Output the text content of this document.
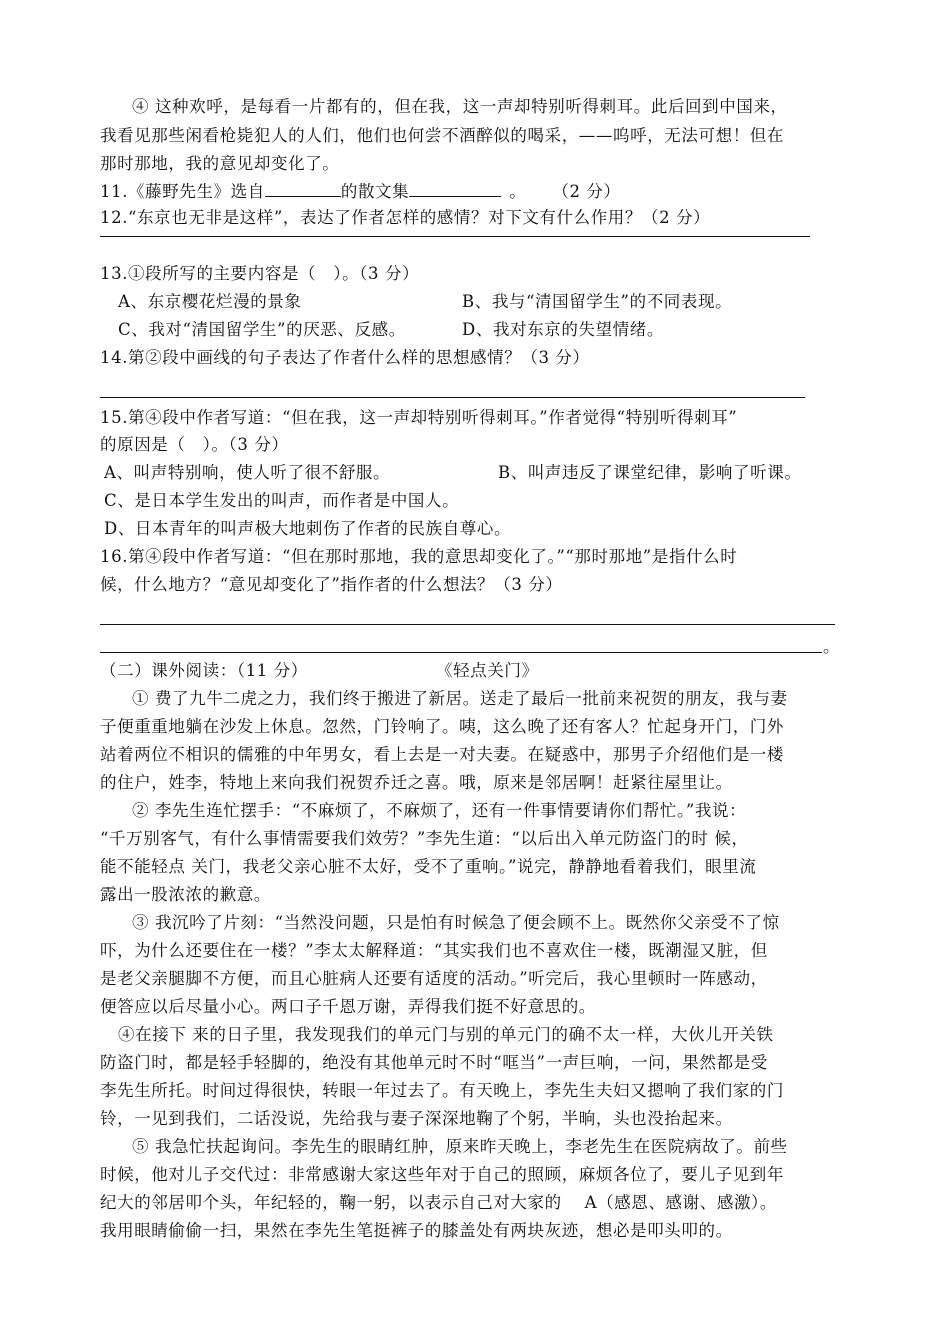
④ 这种欢呼，是每看一片都有的，但在我，这一声却特别听得刺耳。此后回到中国来，
我看见那些闲看枪毙犯人的人们，他们也何尝不酒醉似的喝采，——呜呼，无法可想！但在
那时那地，我的意见却变化了。
11.《藤野先生》选自	的散文集	。 （2 分）
12.“东京也无非是这样”，表达了作者怎样的感情？对下文有什么作用？（2 分）
13.①段所写的主要内容是（　）。（3 分）
A、东京樱花烂漫的景象	B、我与“清国留学生”的不同表现。
C、我对“清国留学生”的厌恶、反感。	D、我对东京的失望情绪。
14.第②段中画线的句子表达了作者什么样的思想感情？（3 分）
15.第④段中作者写道：“但在我，这一声却特别听得刺耳。”作者觉得“特别听得刺耳”
的原因是（　）。（3 分）
A、叫声特别响，使人听了很不舒服。	B、叫声违反了课堂纪律，影响了听课。
C、是日本学生发出的叫声，而作者是中国人。
D、日本青年的叫声极大地刺伤了作者的民族自尊心。
16.第④段中作者写道：“但在那时那地，我的意思却变化了。”“那时那地”是指什么时
候，什么地方？“意见却变化了”指作者的什么想法？（3 分）
。
（二）课外阅读：（11 分）	《轻点关门》
① 费了九牛二虎之力，我们终于搬进了新居。送走了最后一批前来祝贺的朋友，我与妻
子便重重地躺在沙发上休息。忽然，门铃响了。咦，这么晚了还有客人？忙起身开门，门外
站着两位不相识的儒雅的中年男女，看上去是一对夫妻。在疑惑中，那男子介绍他们是一楼
的住户，姓李，特地上来向我们祝贺乔迁之喜。哦，原来是邻居啊！赶紧往屋里让。
② 李先生连忙摆手：“不麻烦了，不麻烦了，还有一件事情要请你们帮忙。”我说：
“千万别客气，有什么事情需要我们效劳？”李先生道：“以后出入单元防盗门的时 候，
能不能轻点 关门，我老父亲心脏不太好，受不了重响。”说完，静静地看着我们，眼里流
露出一股浓浓的歉意。
③ 我沉吟了片刻：“当然没问题，只是怕有时候急了便会顾不上。既然你父亲受不了惊
吓，为什么还要住在一楼？”李太太解释道：“其实我们也不喜欢住一楼，既潮湿又脏，但
是老父亲腿脚不方便，而且心脏病人还要有适度的活动。”听完后，我心里顿时一阵感动，
便答应以后尽量小心。两口子千恩万谢，弄得我们挺不好意思的。
④在接下 来的日子里，我发现我们的单元门与别的单元门的确不太一样，大伙儿开关铁
防盗门时，都是轻手轻脚的，绝没有其他单元时不时“哐当”一声巨响，一问，果然都是受
李先生所托。时间过得很快，转眼一年过去了。有天晚上，李先生夫妇又摁响了我们家的门
铃，一见到我们，二话没说，先给我与妻子深深地鞠了个躬，半晌，头也没抬起来。
⑤ 我急忙扶起询问。李先生的眼睛红肿，原来昨天晚上，李老先生在医院病故了。前些
时候，他对儿子交代过：非常感谢大家这些年对于自己的照顾，麻烦各位了，要儿子见到年
纪大的邻居叩个头，年纪轻的，鞠一躬，以表示自己对大家的　 A（感恩、感谢、感激）。
我用眼睛偷偷一扫，果然在李先生笔挺裤子的膝盖处有两块灰迹，想必是叩头叩的。
